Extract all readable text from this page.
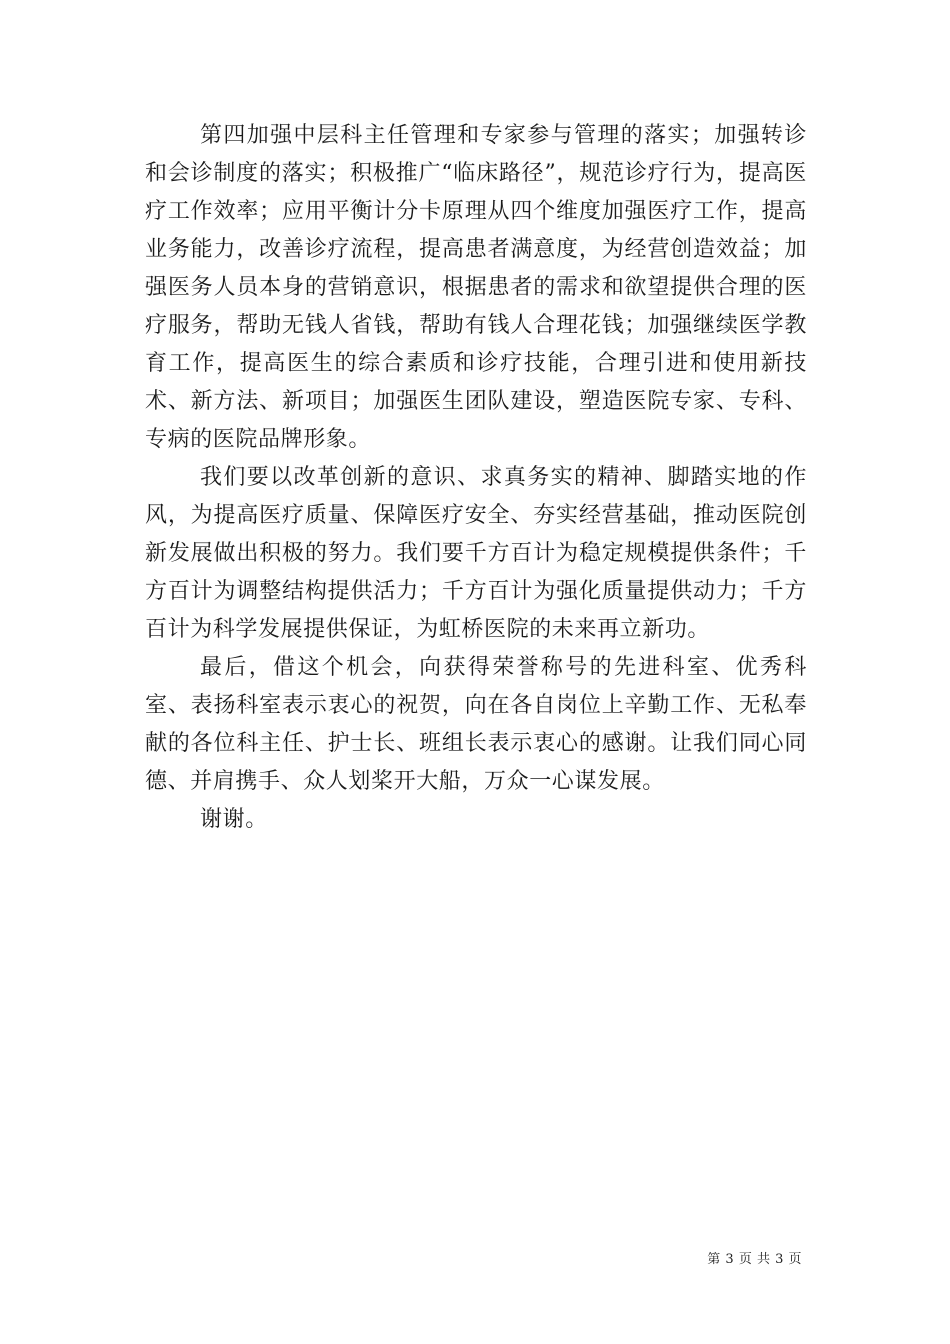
第四加强中层科主任管理和专家参与管理的落实；加强转诊和会诊制度的落实；积极推广“临床路径”，规范诊疗行为，提高医疗工作效率；应用平衡计分卡原理从四个维度加强医疗工作，提高业务能力，改善诊疗流程，提高患者满意度，为经营创造效益；加强医务人员本身的营销意识，根据患者的需求和欲望提供合理的医疗服务，帮助无钱人省钱，帮助有钱人合理花钱；加强继续医学教育工作，提高医生的综合素质和诊疗技能，合理引进和使用新技术、新方法、新项目；加强医生团队建设，塑造医院专家、专科、专病的医院品牌形象。

我们要以改革创新的意识、求真务实的精神、脚踏实地的作风，为提高医疗质量、保障医疗安全、夯实经营基础，推动医院创新发展做出积极的努力。我们要千方百计为稳定规模提供条件；千方百计为调整结构提供活力；千方百计为强化质量提供动力；千方百计为科学发展提供保证，为虹桥医院的未来再立新功。

最后，借这个机会，向获得荣誉称号的先进科室、优秀科室、表扬科室表示衷心的祝贺，向在各自岗位上辛勤工作、无私奉献的各位科主任、护士长、班组长表示衷心的感谢。让我们同心同德、并肩携手、众人划桨开大船，万众一心谋发展。

谢谢。

第 3 页 共 3 页
